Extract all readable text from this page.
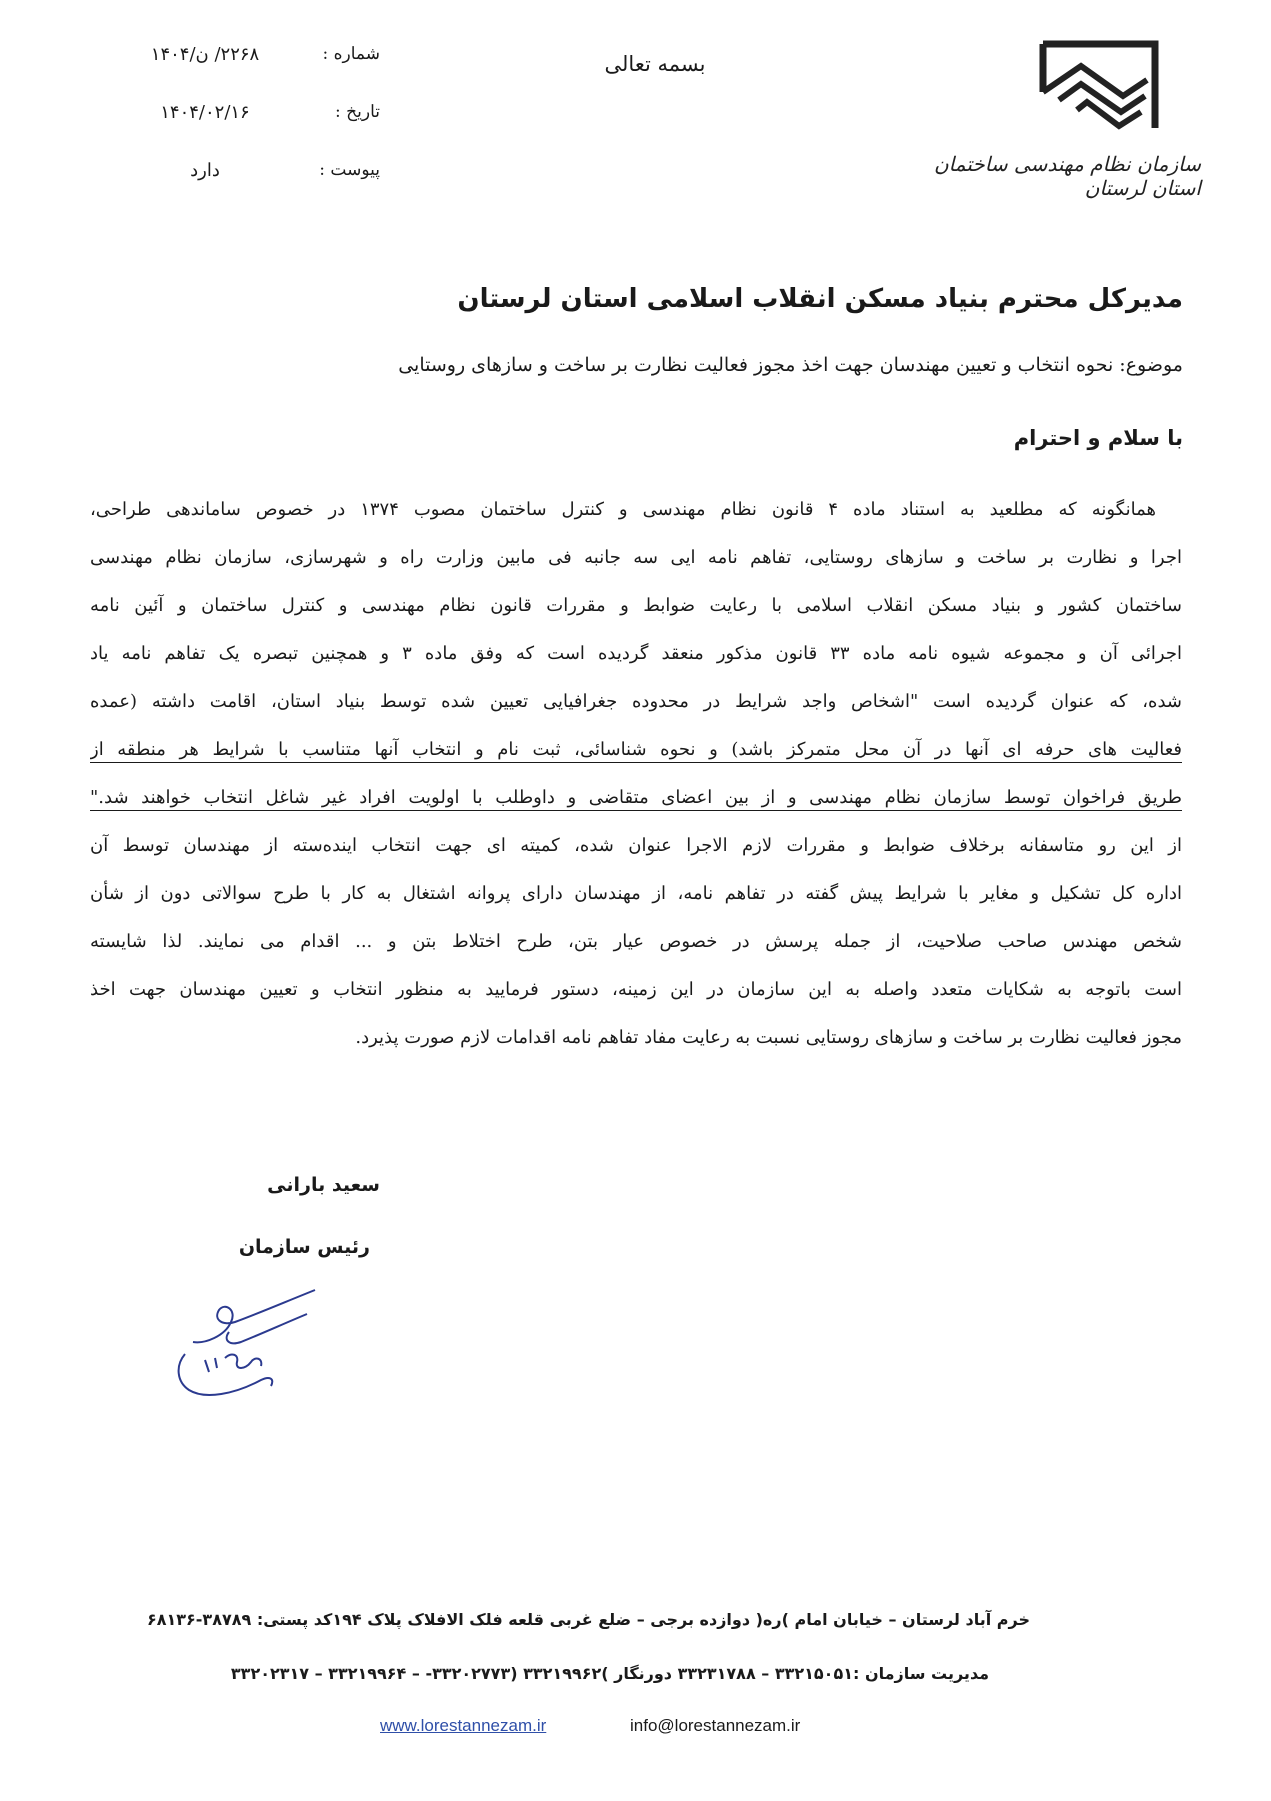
سازمان نظام مهندسی ساختمان استان لرستان
بسمه تعالی
شماره :
۲۲۶۸/ ن/۱۴۰۴
تاریخ :
۱۴۰۴/۰۲/۱۶
پیوست :
دارد
مدیرکل محترم بنیاد مسکن انقلاب اسلامی استان لرستان
موضوع: نحوه انتخاب و تعیین مهندسان جهت اخذ مجوز فعالیت نظارت بر ساخت و سازهای روستایی
با سلام و احترام
همانگونه که مطلعید به استناد ماده ۴ قانون نظام مهندسی و کنترل ساختمان مصوب ۱۳۷۴ در خصوص ساماندهی طراحی،
اجرا و نظارت بر ساخت و سازهای روستایی، تفاهم نامه ایی سه جانبه فی مابین وزارت راه و شهرسازی، سازمان نظام مهندسی
ساختمان کشور و بنیاد مسکن انقلاب اسلامی با رعایت ضوابط و مقررات قانون نظام مهندسی و کنترل ساختمان و آئین نامه
اجرائی آن و مجموعه شیوه نامه ماده ۳۳ قانون مذکور منعقد گردیده است که وفق ماده ۳ و همچنین تبصره یک تفاهم نامه یاد
شده، که عنوان گردیده است "اشخاص واجد شرایط در محدوده جغرافیایی تعیین شده توسط بنیاد استان، اقامت داشته (عمده
فعالیت های حرفه ای آنها در آن محل متمرکز باشد) و نحوه شناسائی، ثبت نام و انتخاب آنها متناسب با شرایط هر منطقه از
طریق فراخوان توسط سازمان نظام مهندسی و از بین اعضای متقاضی و داوطلب با اولویت افراد غیر شاغل انتخاب خواهند شد."
از این رو متاسفانه برخلاف ضوابط و مقررات لازم الاجرا عنوان شده، کمیته ای جهت انتخاب اینده‌سته از مهندسان توسط آن
اداره کل تشکیل و مغایر با شرایط پیش گفته در تفاهم نامه، از مهندسان دارای پروانه اشتغال به کار با طرح سوالاتی دون از شأن
شخص مهندس صاحب صلاحیت، از جمله پرسش در خصوص عیار بتن، طرح اختلاط بتن و ... اقدام می نمایند. لذا شایسته
است باتوجه به شکایات متعدد واصله به این سازمان در این زمینه، دستور فرمایید به منظور انتخاب و تعیین مهندسان جهت اخذ
مجوز فعالیت نظارت بر ساخت و سازهای روستایی نسبت به رعایت مفاد تفاهم نامه اقدامات لازم صورت پذیرد.
سعید بارانی
رئیس سازمان
خرم آباد لرستان – خیابان امام )ره( دوازده برجی – ضلع غربی قلعه فلک الافلاک پلاک ۱۹۴کد پستی: ۳۸۷۸۹-۶۸۱۳۶
مدیریت سازمان :۳۳۲۱۵۰۵۱ – ۳۳۲۳۱۷۸۸ دورنگار )۳۳۲۱۹۹۶۲ (۳۳۲۰۲۷۷۳- – ۳۳۲۱۹۹۶۴ – ۳۳۲۰۲۳۱۷
www.lorestannezam.ir	info@lorestannezam.ir
